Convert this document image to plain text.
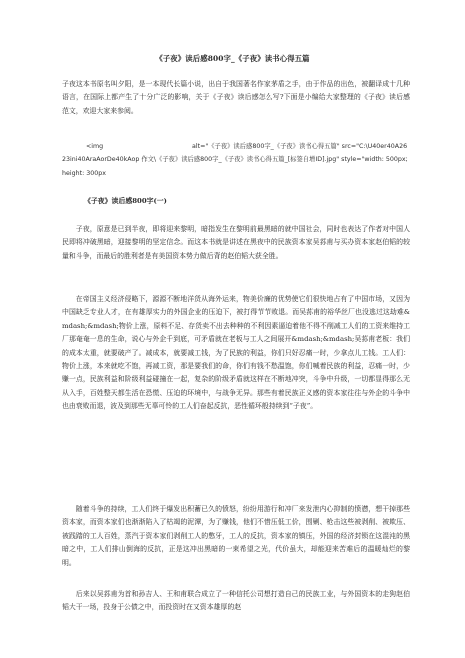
《子夜》读后感800字_《子夜》读书心得五篇

子夜这本书原名叫夕阳，是一本现代长篇小说，出自于我国著名作家茅盾之手，由于作品的出色，被翻译成十几种语言，在国际上都产生了十分广泛的影响，关于《子夜》读后感怎么写?下面是小编给大家整理的《子夜》读后感范文，欢迎大家来参阅。

<img	alt="《子夜》读后感800字_《子夜》读书心得五篇" src="C:\U40er40A2623ini40AraAorDe40kAop 作文\《子夜》读后感800字_《子夜》读书心得五篇_[标签自增ID].jpg" style="width: 500px; height: 300px
《子夜》读后感800字(一)

子夜，原意是已到半夜，即将迎来黎明，暗指发生在黎明前最黑暗的就中国社会，同时也表达了作者对中国人民即将冲破黑暗，迎接黎明的坚定信念。而这本书就是讲述在黑夜中的民族资本家吴荪甫与买办资本家赵伯韬的较量和斗争，而最后的胜利者是有美国资本势力做后背的赵伯韬大获全胜。

在帝国主义经济侵略下，源源不断地洋货从海外运来，物美价廉的优势使它们很快地占有了中国市场，又因为中国缺乏专业人才，在有雄厚实力的外国企业的压迫下，被打得节节败退。而吴荪甫的裕华丝厂也没逃过这劫难&mdash;&mdash;物价上涨，原料不足、存货卖不出去种种的不利因素逼迫着他不得不削减工人们的工资来维持工厂那奄奄一息的生命，说心与外企千到底，可矛盾就在老板与工人之间展开&mdash;&mdash;吴荪甫老板：我们的成本太重，就要破产了。减成本，就要减工钱，为了民族的利益，你们只好忍痛一时，少拿点儿工钱。工人们：物价上涨，本来就吃不饱，再减工资，那是要我们的命，你们有钱不愁温饱，你们喊着民族的利益，忍痛一时，少赚一点，民族利益和阶级利益碰撞在一起，复杂的阶级矛盾就这样在不断地冲突，斗争中升级，一切都显得那么无从入手，百姓整天都生活在恐慌、压迫的环境中，与战争无异。那些有着民族正义感的资本家往往与外企的斗争中也由衰败而退，波及到那些无辜可怜的工人们奋起反抗，恶性循环般持续到“子夜”。

随着斗争的持续，工人们终于爆发出积蓄已久的愤怒，纷纷用游行和冲厂来发泄内心抑制的愤懑，想干掉那些资本家，而资本家们也渐渐陷入了枯竭的泥潭，为了赚钱，他们不惜压低工价，围剿、枪击这些被剥削、被欺压、被践踏的工人百姓，蒸汽于资本家们剥削工人的憋牙，工人的反抗，资本家的镇压，外国的经济封锁在这混沌的黑暗之中，工人们排山倒海的反抗，正是这冲出黑暗的一束希望之光，代价虽大，却能迎来苦难后的温暖灿烂的黎明。

后来以吴荪甫为首和孙吉人、王和甫联合成立了一种信托公司想打造自己的民族工业，与外国资本的走狗赵伯韬大干一场，投身于公债之中，而投资时在又资本雄厚的赵
